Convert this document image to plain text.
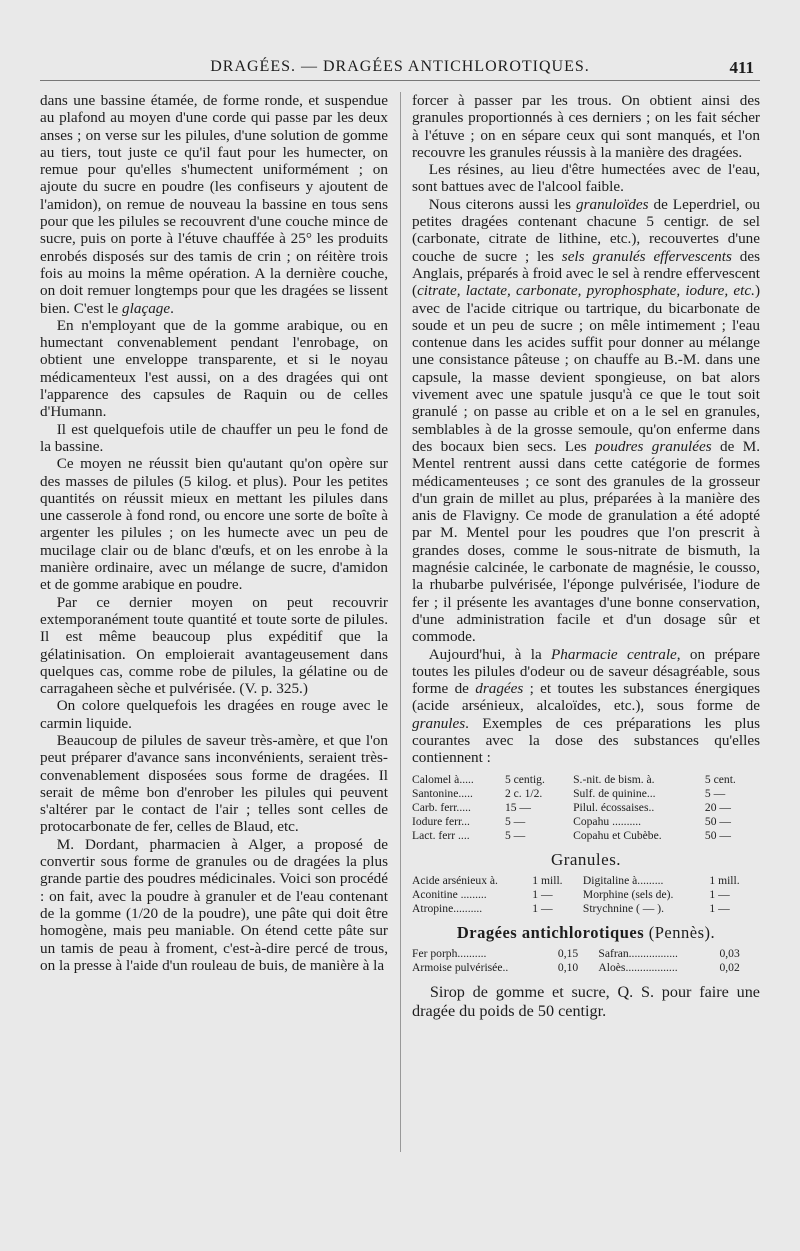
DRAGÉES. — DRAGÉES ANTICHLOROTIQUES.	411

dans une bassine étamée, de forme ronde, et suspendue au plafond au moyen d'une corde qui passe par les deux anses ; on verse sur les pilules, d'une solution de gomme au tiers, tout juste ce qu'il faut pour les humecter, on remue pour qu'elles s'humectent uniformément ; on ajoute du sucre en poudre (les confiseurs y ajoutent de l'amidon), on remue de nouveau la bassine en tous sens pour que les pilules se recouvrent d'une couche mince de sucre, puis on porte à l'étuve chauffée à 25° les produits enrobés disposés sur des tamis de crin ; on réitère trois fois au moins la même opération. A la dernière couche, on doit remuer longtemps pour que les dragées se lissent bien. C'est le glaçage.

En n'employant que de la gomme arabique, ou en humectant convenablement pendant l'enrobage, on obtient une enveloppe transparente, et si le noyau médicamenteux l'est aussi, on a des dragées qui ont l'apparence des capsules de Raquin ou de celles d'Humann.

Il est quelquefois utile de chauffer un peu le fond de la bassine.

Ce moyen ne réussit bien qu'autant qu'on opère sur des masses de pilules (5 kilog. et plus). Pour les petites quantités on réussit mieux en mettant les pilules dans une casserole à fond rond, ou encore une sorte de boîte à argenter les pilules ; on les humecte avec un peu de mucilage clair ou de blanc d'œufs, et on les enrobe à la manière ordinaire, avec un mélange de sucre, d'amidon et de gomme arabique en poudre.

Par ce dernier moyen on peut recouvrir extemporanément toute quantité et toute sorte de pilules. Il est même beaucoup plus expéditif que la gélatinisation. On emploierait avantageusement dans quelques cas, comme robe de pilules, la gélatine ou de carragaheen sèche et pulvérisée. (V. p. 325.)

On colore quelquefois les dragées en rouge avec le carmin liquide.

Beaucoup de pilules de saveur très-amère, et que l'on peut préparer d'avance sans inconvénients, seraient très-convenablement disposées sous forme de dragées. Il serait de même bon d'enrober les pilules qui peuvent s'altérer par le contact de l'air ; telles sont celles de protocarbonate de fer, celles de Blaud, etc.

M. Dordant, pharmacien à Alger, a proposé de convertir sous forme de granules ou de dragées la plus grande partie des poudres médicinales. Voici son procédé : on fait, avec la poudre à granuler et de l'eau contenant de la gomme (1/20 de la poudre), une pâte qui doit être homogène, mais peu maniable. On étend cette pâte sur un tamis de peau à froment, c'est-à-dire percé de trous, on la presse à l'aide d'un rouleau de buis, de manière à la

forcer à passer par les trous. On obtient ainsi des granules proportionnés à ces derniers ; on les fait sécher à l'étuve ; on en sépare ceux qui sont manqués, et l'on recouvre les granules réussis à la manière des dragées.

Les résines, au lieu d'être humectées avec de l'eau, sont battues avec de l'alcool faible.

Nous citerons aussi les granuloïdes de Leperdriel, ou petites dragées contenant chacune 5 centigr. de sel (carbonate, citrate de lithine, etc.), recouvertes d'une couche de sucre ; les sels granulés effervescents des Anglais, préparés à froid avec le sel à rendre effervescent (citrate, lactate, carbonate, pyrophosphate, iodure, etc.) avec de l'acide citrique ou tartrique, du bicarbonate de soude et un peu de sucre ; on mêle intimement ; l'eau contenue dans les acides suffit pour donner au mélange une consistance pâteuse ; on chauffe au B.-M. dans une capsule, la masse devient spongieuse, on bat alors vivement avec une spatule jusqu'à ce que le tout soit granulé ; on passe au crible et on a le sel en granules, semblables à de la grosse semoule, qu'on enferme dans des bocaux bien secs. Les poudres granulées de M. Mentel rentrent aussi dans cette catégorie de formes médicamenteuses ; ce sont des granules de la grosseur d'un grain de millet au plus, préparées à la manière des anis de Flavigny. Ce mode de granulation a été adopté par M. Mentel pour les poudres que l'on prescrit à grandes doses, comme le sous-nitrate de bismuth, la magnésie calcinée, le carbonate de magnésie, le cousso, la rhubarbe pulvérisée, l'éponge pulvérisée, l'iodure de fer ; il présente les avantages d'une bonne conservation, d'une administration facile et d'un dosage sûr et commode.

Aujourd'hui, à la Pharmacie centrale, on prépare toutes les pilules d'odeur ou de saveur désagréable, sous forme de dragées ; et toutes les substances énergiques (acide arsénieux, alcaloïdes, etc.), sous forme de granules. Exemples de ces préparations les plus courantes avec la dose des substances qu'elles contiennent :

Calomel à.....	5 centig.	S.-nit. de bism. à.	5 cent.
Santonine.....	2 c. 1/2.	Sulf. de quinine...	5 —
Carb. ferr.....	15 —	Pilul. écossaises..	20 —
Iodure ferr...	5 —	Copahu ..........	50 —
Lact. ferr ....	5 —	Copahu et Cubèbe.	50 —
Granules.
Acide arsénieux à.	1 mill.	Digitaline à.........	1 mill.
Aconitine .........	1 —	Morphine (sels de).	1 —
Atropine..........	1 —	Strychnine ( — ).	1 —
Dragées antichlorotiques (Pennès).
Fer porph..........	0,15	Safran.................	0,03
Armoise pulvérisée..	0,10	Aloès..................	0,02

Sirop de gomme et sucre, Q. S. pour faire une dragée du poids de 50 centigr.
